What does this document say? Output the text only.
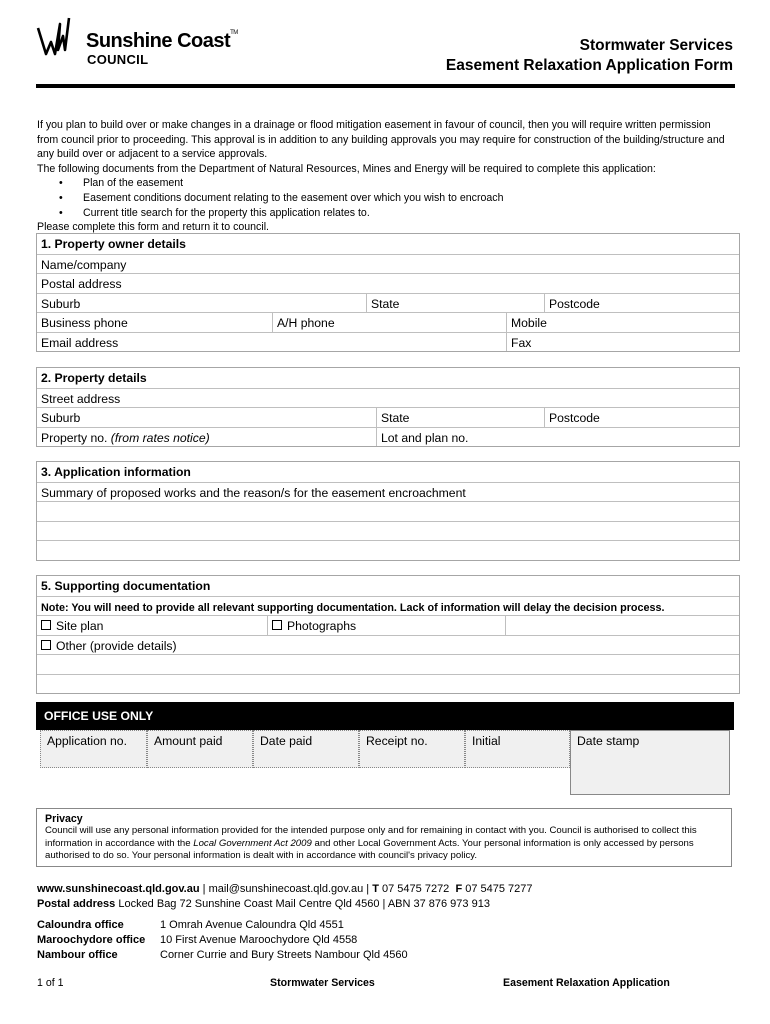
Sunshine Coast™
COUNCIL
Stormwater Services
Easement Relaxation Application Form

If you plan to build over or make changes in a drainage or flood mitigation easement in favour of council, then you will require written permission from council prior to proceeding. This approval is in addition to any building approvals you may require for construction of the building/structure and any build over or adjacent to a service approvals.

The following documents from the Department of Natural Resources, Mines and Energy will be required to complete this application:

• Plan of the easement
• Easement conditions document relating to the easement over which you wish to encroach
• Current title search for the property this application relates to.

Please complete this form and return it to council.

1. Property owner details
Name/company
Postal address
Suburb	State	Postcode
Business phone	A/H phone	Mobile
Email address	Fax
2. Property details
Street address
Suburb	State	Postcode
Property no. (from rates notice)	Lot and plan no.
3. Application information
Summary of proposed works and the reason/s for the easement encroachment
5. Supporting documentation
Note: You will need to provide all relevant supporting documentation. Lack of information will delay the decision process.
Site plan	Photographs
Other (provide details)
OFFICE USE ONLY
Application no.	Amount paid	Date paid	Receipt no.	Initial	Date stamp
Privacy
Council will use any personal information provided for the intended purpose only and for remaining in contact with you. Council is authorised to collect this information in accordance with the Local Government Act 2009 and other Local Government Acts. Your personal information is only accessed by persons authorised to do so. Your personal information is dealt with in accordance with council's privacy policy.
www.sunshinecoast.qld.gov.au | mail@sunshinecoast.qld.gov.au | T 07 5475 7272 F 07 5475 7277
Postal address Locked Bag 72 Sunshine Coast Mail Centre Qld 4560 | ABN 37 876 973 913
Caloundra office	1 Omrah Avenue Caloundra Qld 4551
Maroochydore office 10 First Avenue Maroochydore Qld 4558
Nambour office	Corner Currie and Bury Streets Nambour Qld 4560
1 of 1	Stormwater Services	Easement Relaxation Application
